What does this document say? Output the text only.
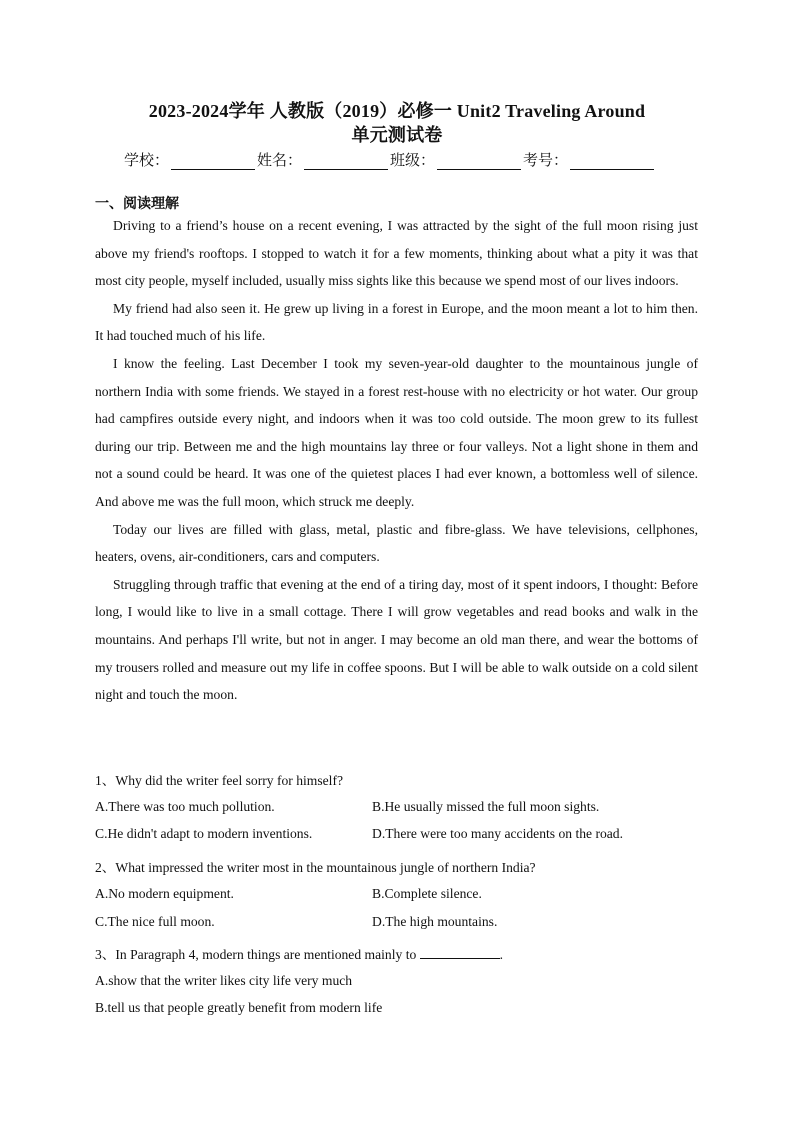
2023-2024学年 人教版（2019）必修一 Unit2 Traveling Around
单元测试卷
学校：	姓名：	班级：	考号：
一、阅读理解

Driving to a friend’s house on a recent evening, I was attracted by the sight of the full moon rising just above my friend's rooftops. I stopped to watch it for a few moments, thinking about what a pity it was that most city people, myself included, usually miss sights like this because we spend most of our lives indoors.

My friend had also seen it. He grew up living in a forest in Europe, and the moon meant a lot to him then. It had touched much of his life.

I know the feeling. Last December I took my seven-year-old daughter to the mountainous jungle of northern India with some friends. We stayed in a forest rest-house with no electricity or hot water. Our group had campfires outside every night, and indoors when it was too cold outside. The moon grew to its fullest during our trip. Between me and the high mountains lay three or four valleys. Not a light shone in them and not a sound could be heard. It was one of the quietest places I had ever known, a bottomless well of silence. And above me was the full moon, which struck me deeply.

Today our lives are filled with glass, metal, plastic and fibre-glass. We have televisions, cellphones, heaters, ovens, air-conditioners, cars and computers.

Struggling through traffic that evening at the end of a tiring day, most of it spent indoors, I thought: Before long, I would like to live in a small cottage. There I will grow vegetables and read books and walk in the mountains. And perhaps I'll write, but not in anger. I may become an old man there, and wear the bottoms of my trousers rolled and measure out my life in coffee spoons. But I will be able to walk outside on a cold silent night and touch the moon.

1、Why did the writer feel sorry for himself?
A.There was too much pollution.	B.He usually missed the full moon sights.
C.He didn't adapt to modern inventions.	D.There were too many accidents on the road.
2、What impressed the writer most in the mountainous jungle of northern India?
A.No modern equipment.	B.Complete silence.
C.The nice full moon.	D.The high mountains.
3、In Paragraph 4, modern things are mentioned mainly to	.
A.show that the writer likes city life very much
B.tell us that people greatly benefit from modern life
